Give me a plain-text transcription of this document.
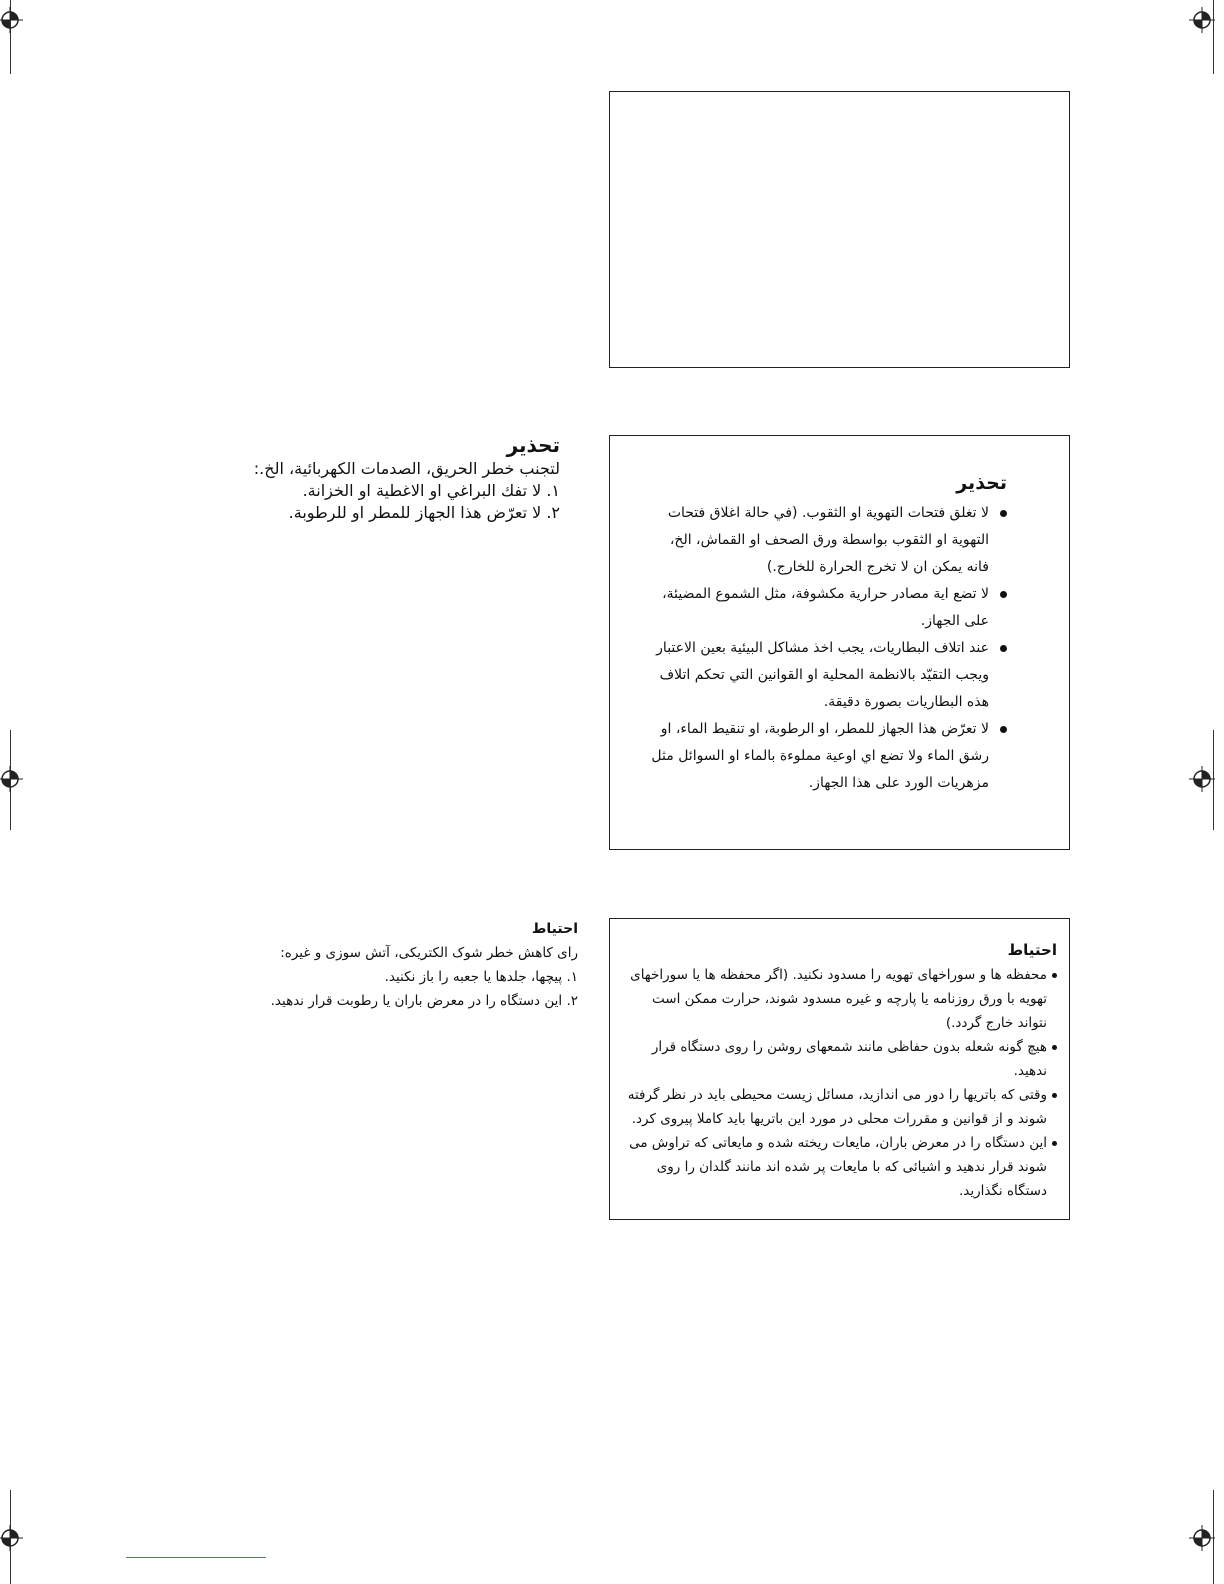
تحذير
لتجنب خطر الحريق، الصدمات الكهربائية، الخ.:
١. لا تفك البراغي او الاغطية او الخزانة.
٢. لا تعرّض هذا الجهاز للمطر او للرطوبة.
تحذير
لا تغلق فتحات التهوية او الثقوب. (في حالة اغلاق فتحات التهوية او الثقوب بواسطة ورق الصحف او القماش، الخ، فانه يمكن ان لا تخرج الحرارة للخارج.)
لا تضع اية مصادر حرارية مكشوفة، مثل الشموع المضيئة، على الجهاز.
عند اتلاف البطاريات، يجب اخذ مشاكل البيئية بعين الاعتبار ويجب التقيّد بالانظمة المحلية او القوانين التي تحكم اتلاف هذه البطاريات بصورة دقيقة.
لا تعرّض هذا الجهاز للمطر، او الرطوبة، او تنقيط الماء، او رشق الماء ولا تضع اي اوعية مملوءة بالماء او السوائل مثل مزهريات الورد على هذا الجهاز.
احتياط
رای کاهش خطر شوک الکتریکی، آتش سوزی و غیره:
۱. پیچها، جلدها یا جعبه را باز نکنید.
۲. این دستگاه را در معرض باران یا رطوبت قرار ندهید.
احتیاط
محفظه ها و سوراخهای تهویه را مسدود نکنید. (اگر محفظه ها یا سوراخهای تهویه با ورق روزنامه یا پارچه و غیره مسدود شوند، حرارت ممکن است نتواند خارج گردد.)
هیچ گونه شعله بدون حفاظی مانند شمعهای روشن را روی دستگاه قرار ندهید.
وقتی که باتریها را دور می اندازید، مسائل زیست محیطی باید در نظر گرفته شوند و از قوانین و مقررات محلی در مورد این باتریها باید کاملا پیروی کرد.
این دستگاه را در معرض باران، مایعات ریخته شده و مایعاتی که تراوش می شوند قرار ندهید و اشیائی که با مایعات پر شده اند مانند گلدان را روی دستگاه نگذارید.
